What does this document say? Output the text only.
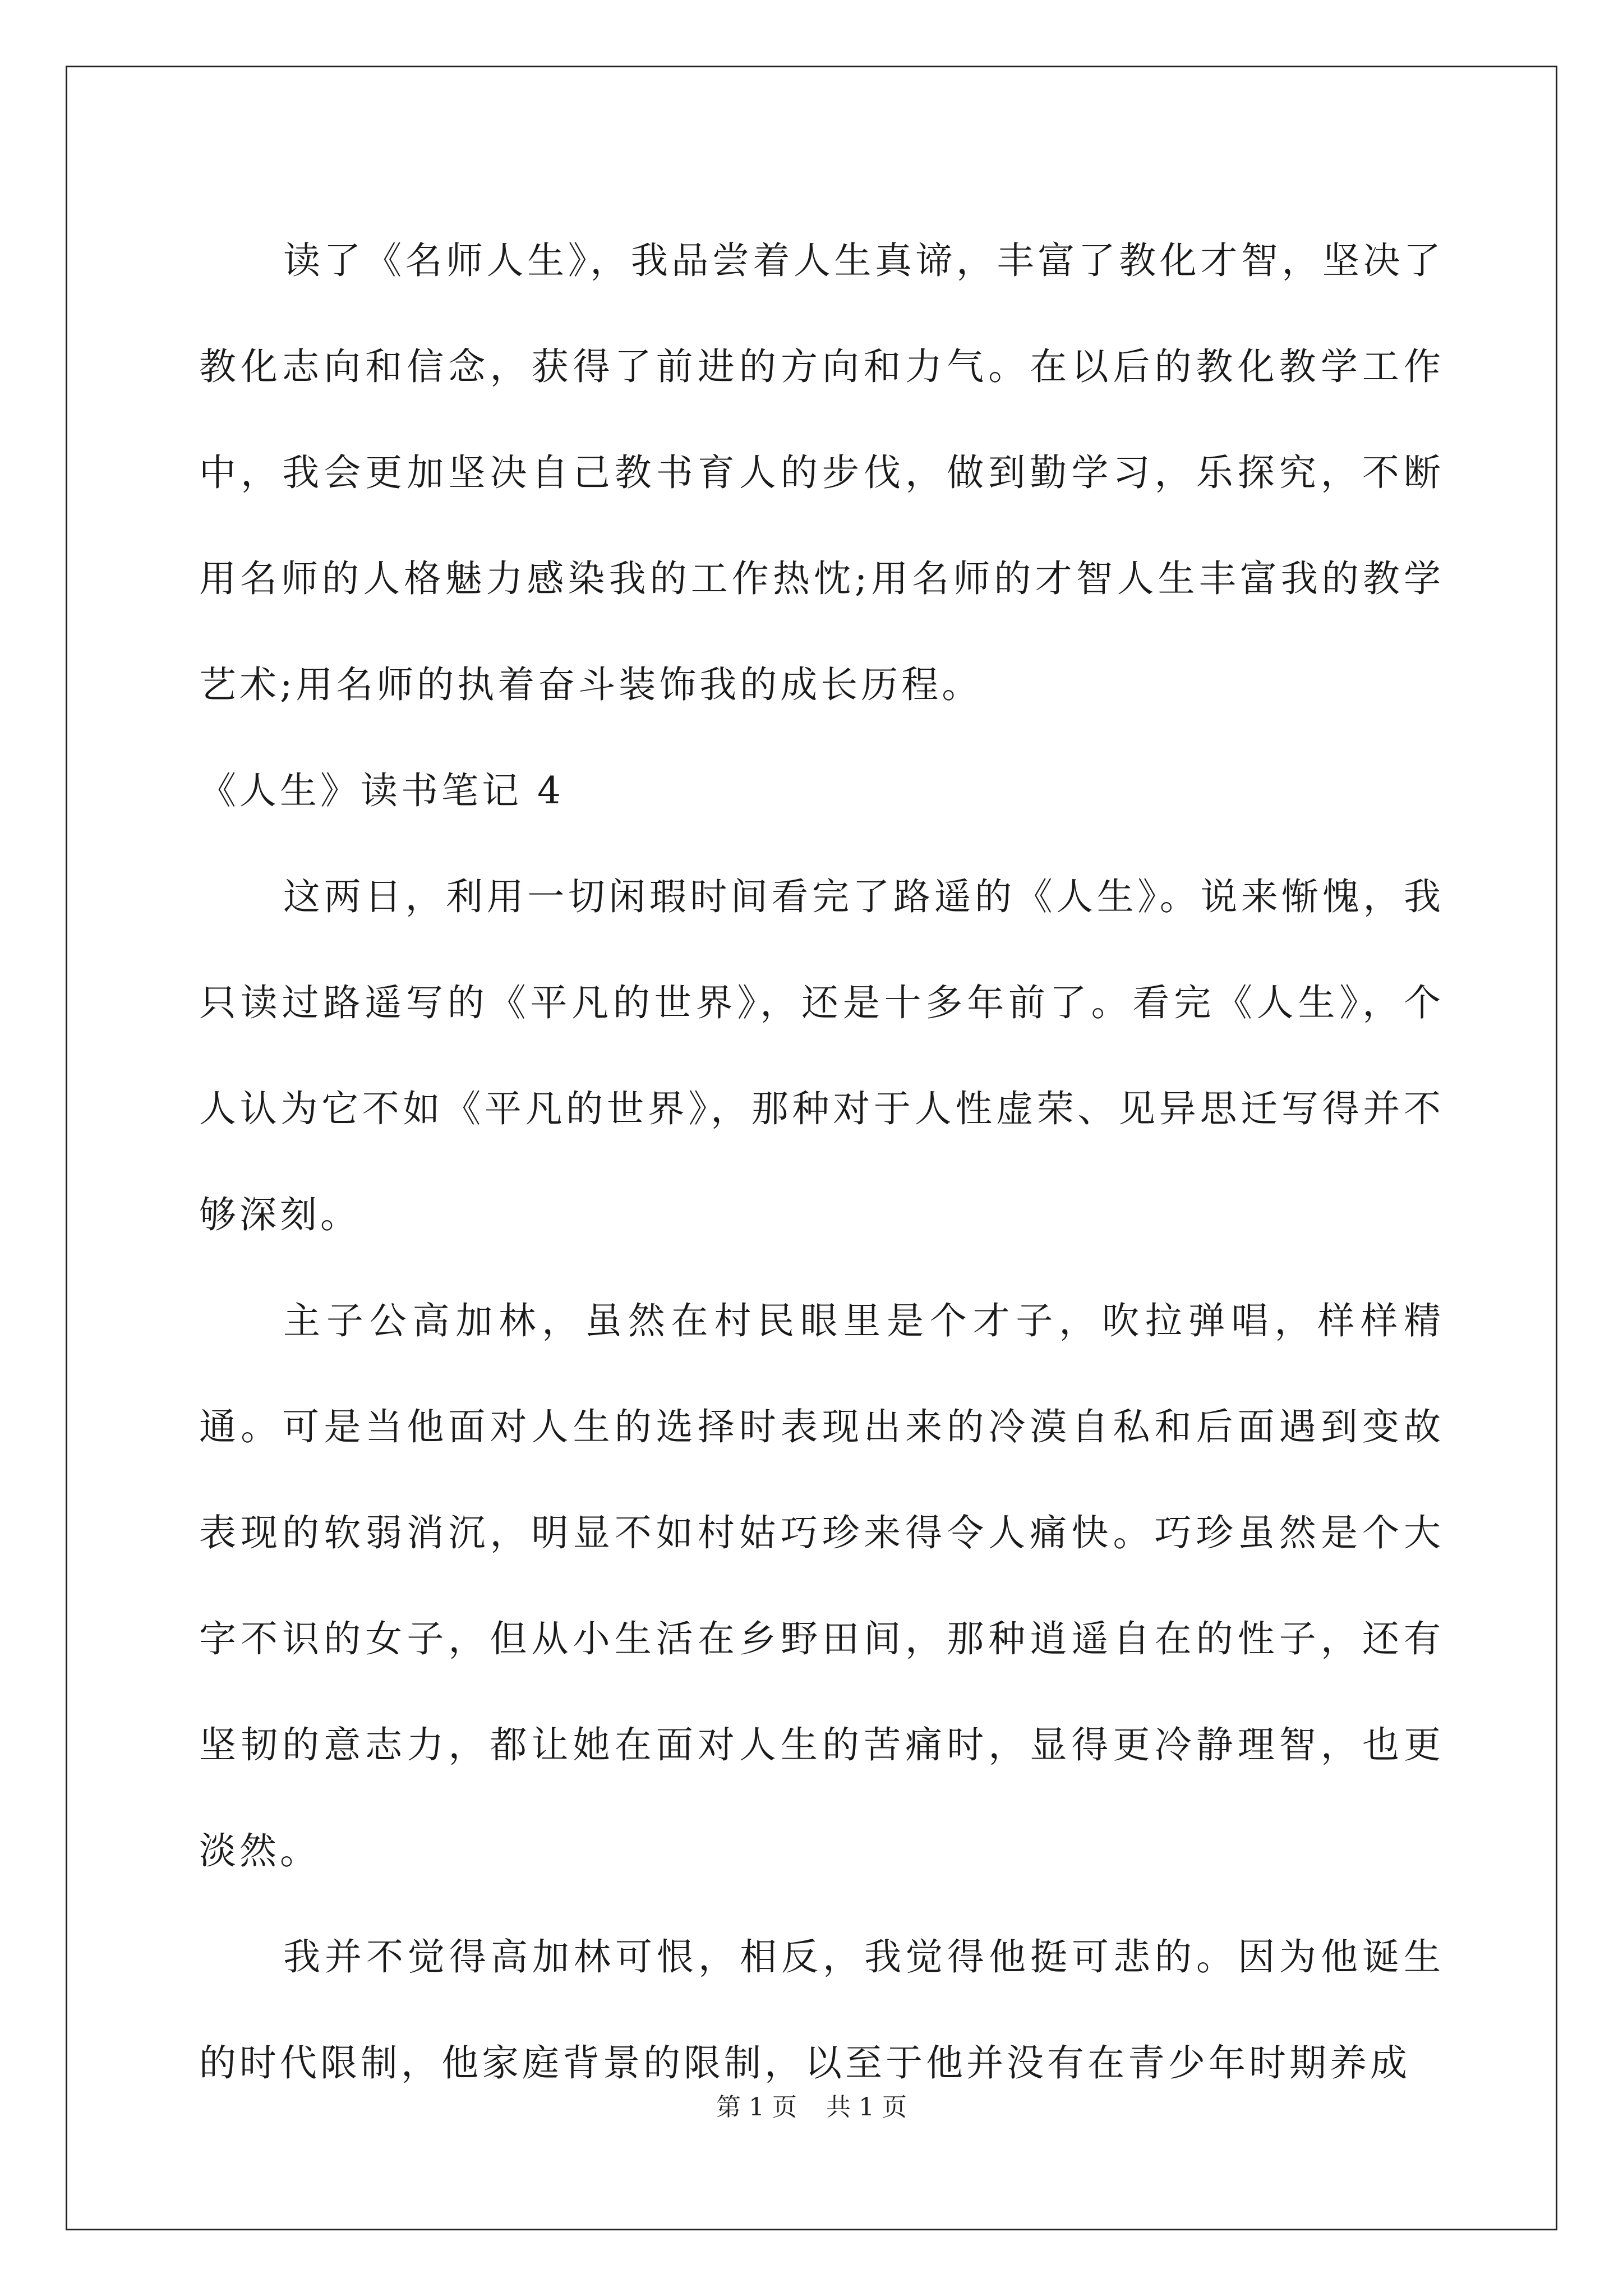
读了《名师人生》，我品尝着人生真谛，丰富了教化才智，坚决了教化志向和信念，获得了前进的方向和力气。在以后的教化教学工作中，我会更加坚决自己教书育人的步伐，做到勤学习，乐探究，不断用名师的人格魅力感染我的工作热忱;用名师的才智人生丰富我的教学艺术;用名师的执着奋斗装饰我的成长历程。

《人生》读书笔记 4

这两日，利用一切闲瑕时间看完了路遥的《人生》。说来惭愧，我只读过路遥写的《平凡的世界》，还是十多年前了。看完《人生》，个人认为它不如《平凡的世界》，那种对于人性虚荣、见异思迁写得并不够深刻。

主子公高加林，虽然在村民眼里是个才子，吹拉弹唱，样样精通。可是当他面对人生的选择时表现出来的冷漠自私和后面遇到变故表现的软弱消沉，明显不如村姑巧珍来得令人痛快。巧珍虽然是个大字不识的女子，但从小生活在乡野田间，那种逍遥自在的性子，还有坚韧的意志力，都让她在面对人生的苦痛时，显得更冷静理智，也更淡然。

我并不觉得高加林可恨，相反，我觉得他挺可悲的。因为他诞生的时代限制，他家庭背景的限制，以至于他并没有在青少年时期养成

第 1 页 共 1 页
